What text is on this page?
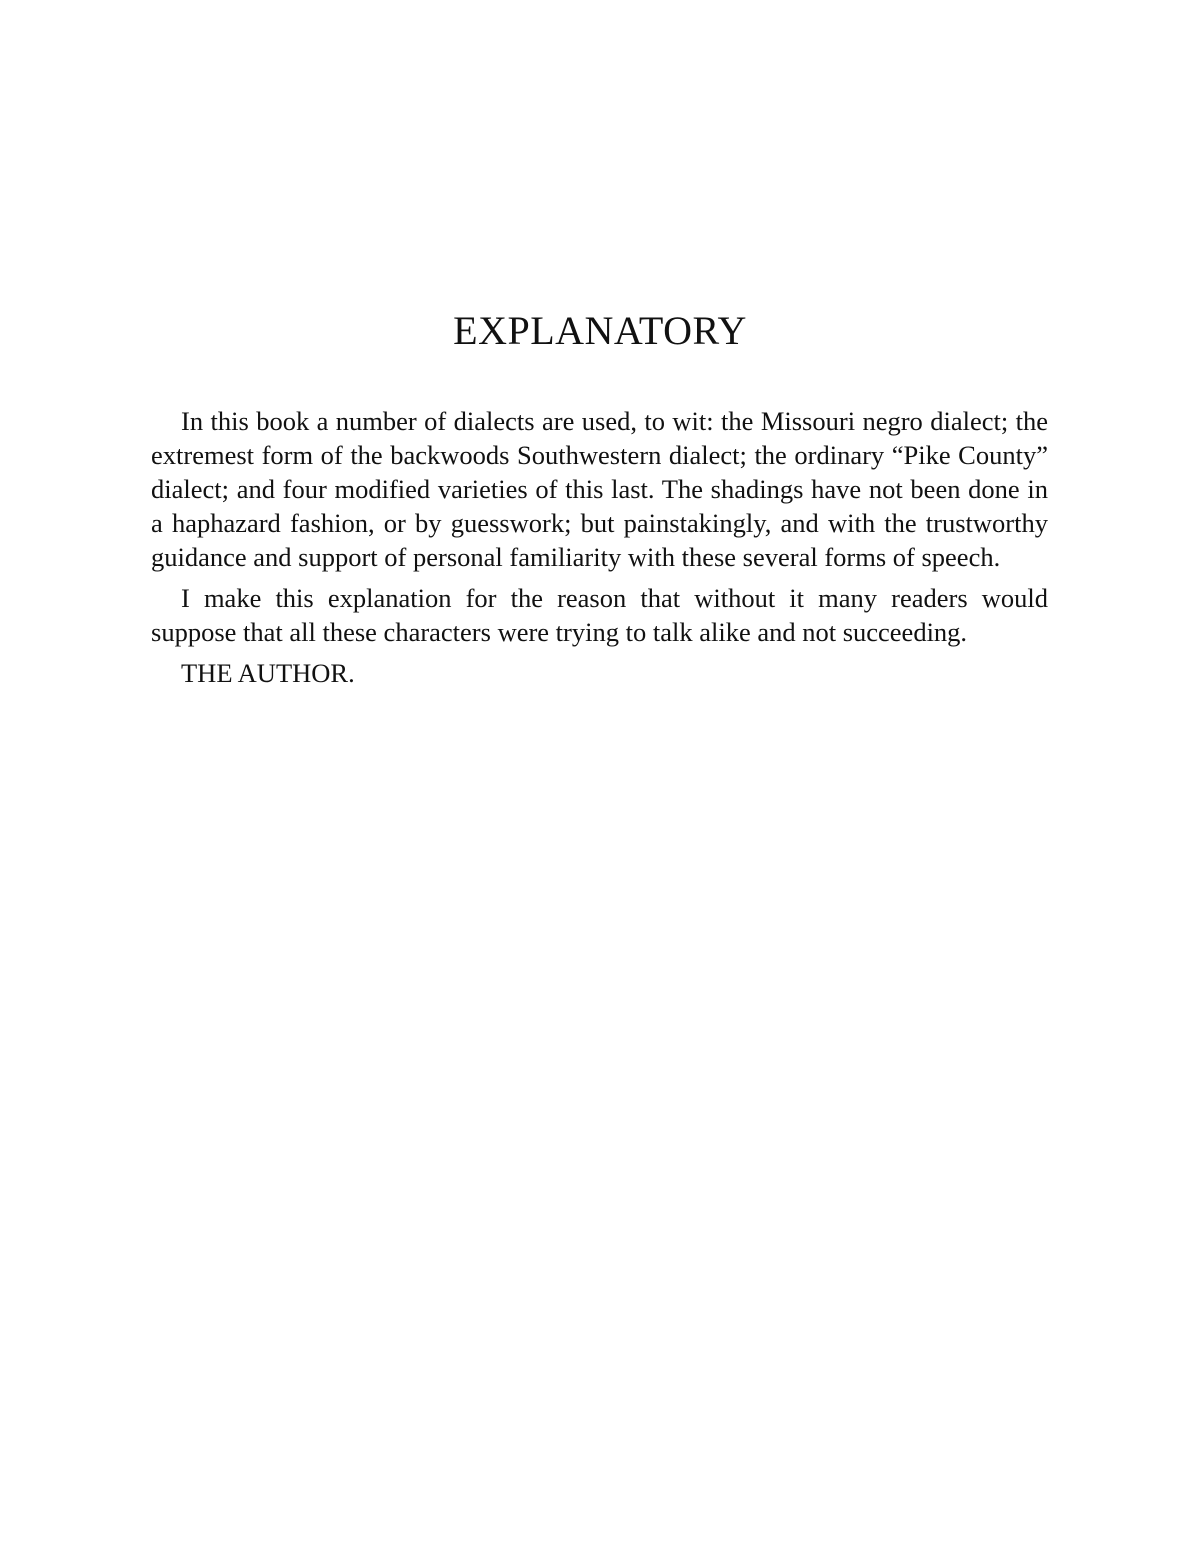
EXPLANATORY

In this book a number of dialects are used, to wit: the Missouri negro dialect; the extremest form of the backwoods Southwestern dialect; the ordinary “Pike County” dialect; and four modified varieties of this last. The shadings have not been done in a haphazard fashion, or by guesswork; but painstakingly, and with the trustworthy guidance and support of personal familiarity with these several forms of speech.

I make this explanation for the reason that without it many readers would suppose that all these characters were trying to talk alike and not succeeding.

THE AUTHOR.
